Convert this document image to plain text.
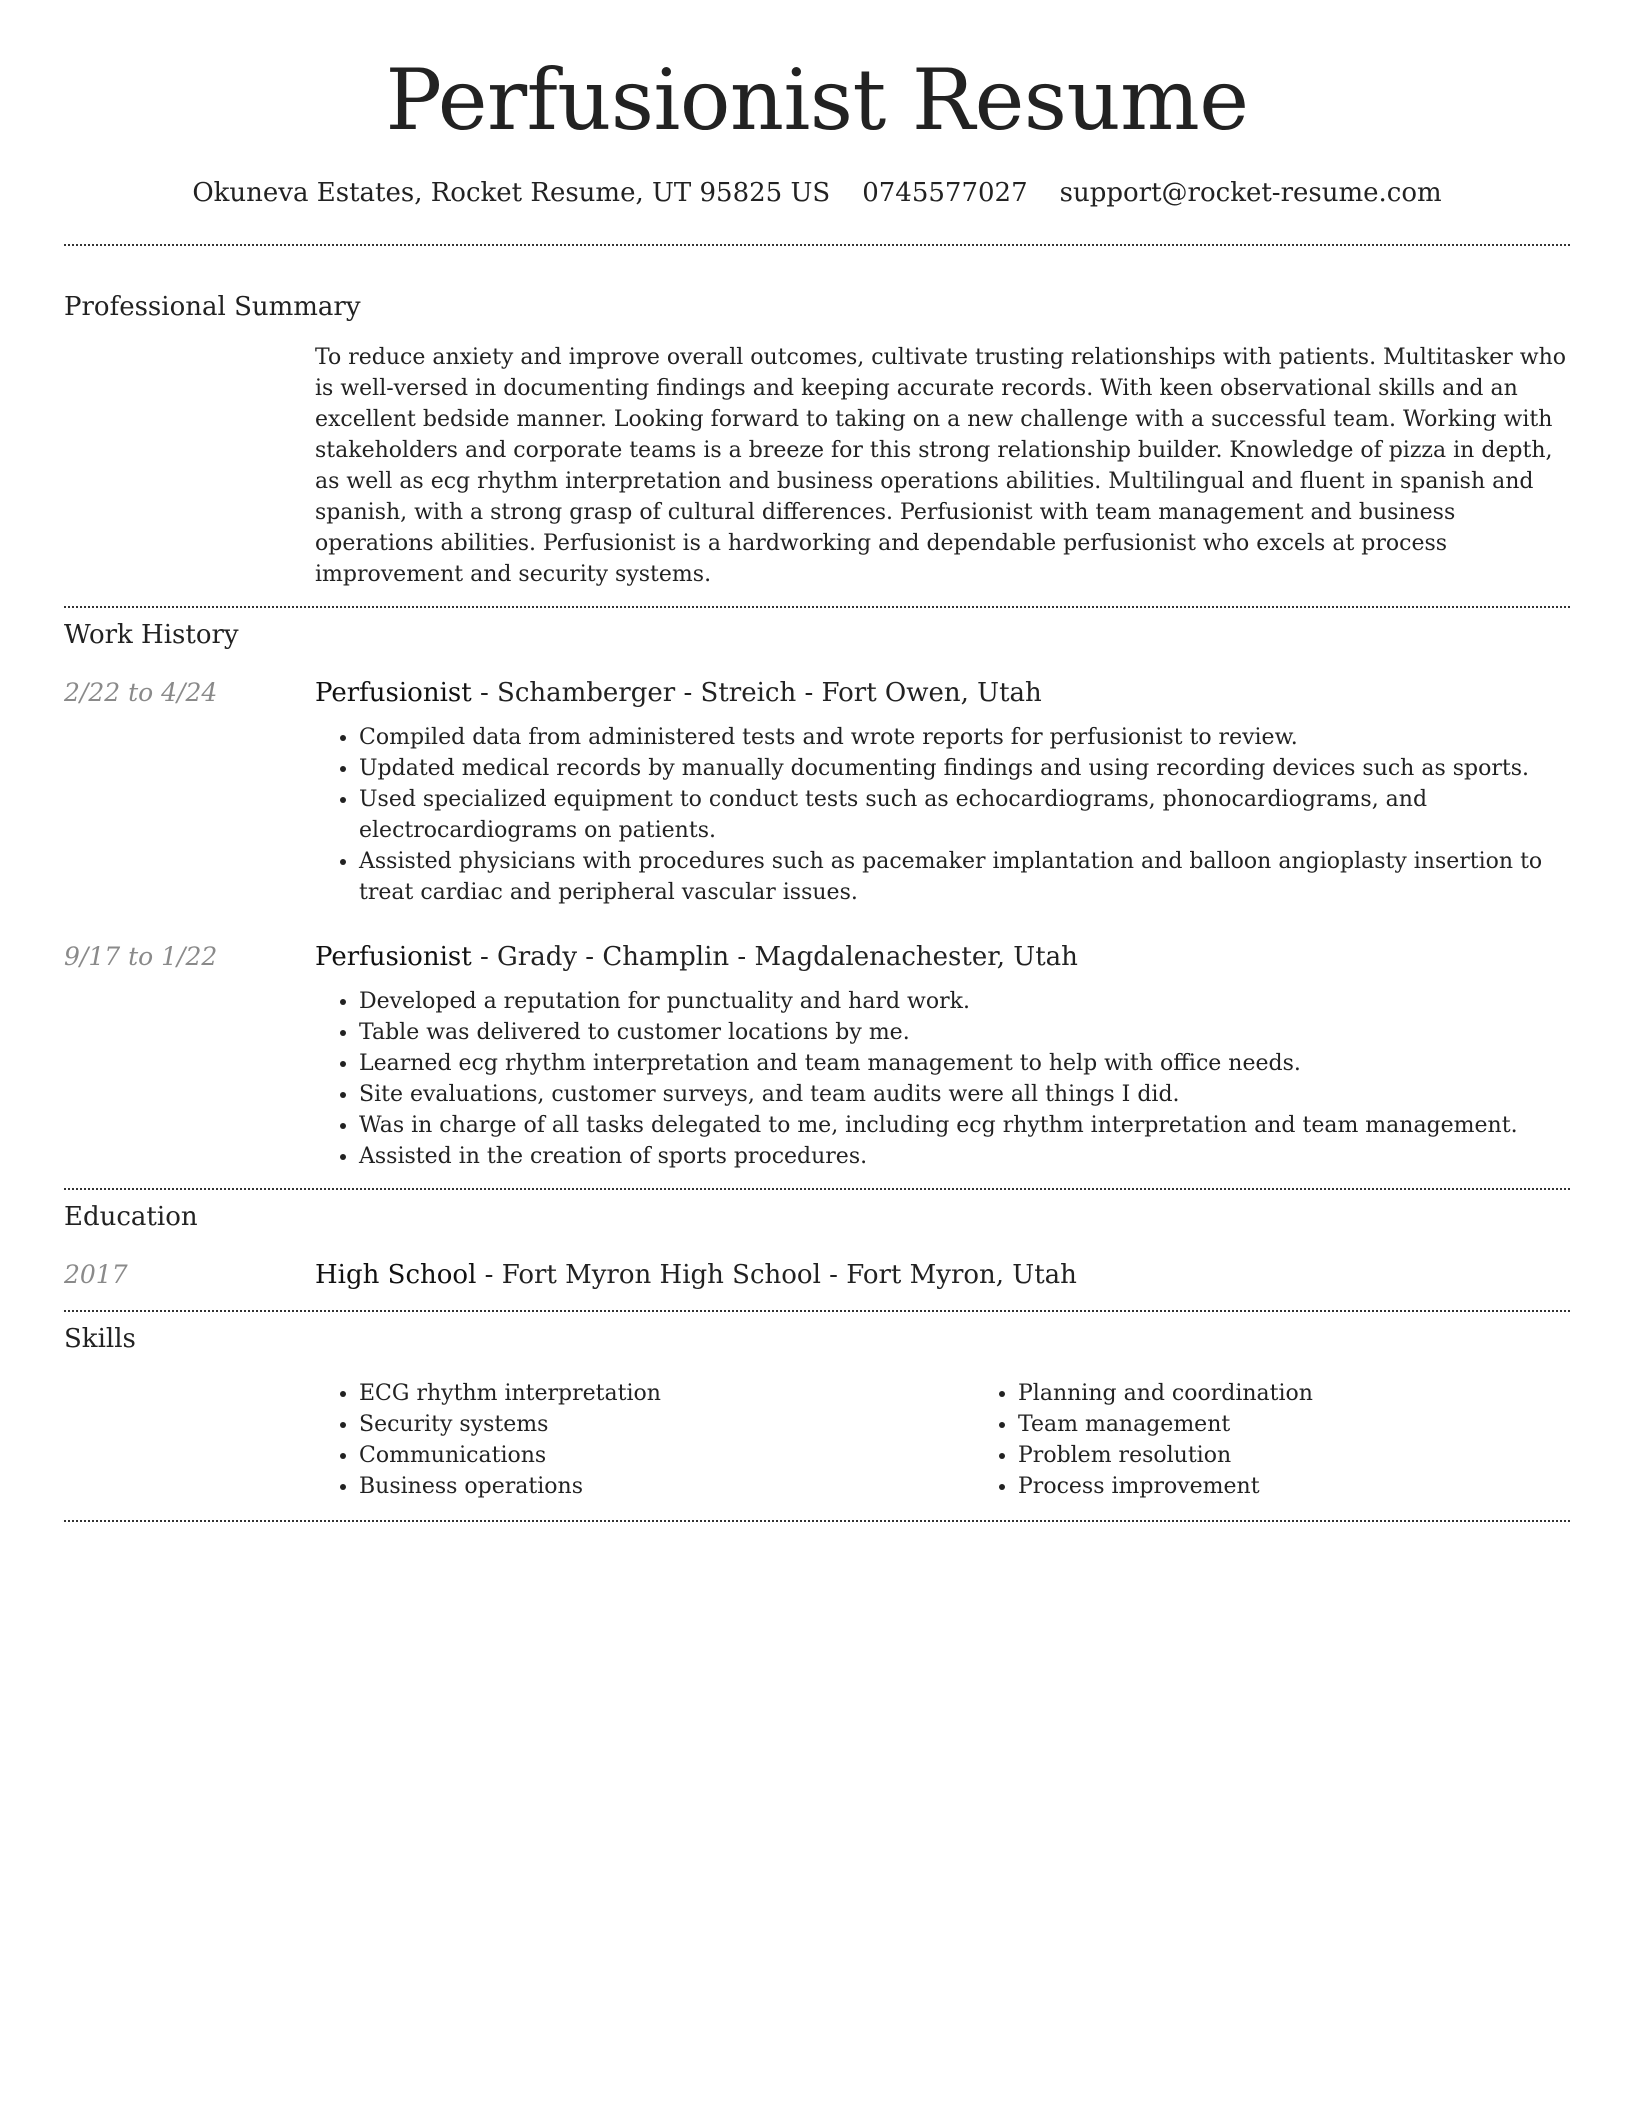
Perfusionist Resume
Okuneva Estates, Rocket Resume, UT 95825 US 0745577027 support@rocket-resume.com
Professional Summary

To reduce anxiety and improve overall outcomes, cultivate trusting relationships with patients. Multitasker who is well-versed in documenting findings and keeping accurate records. With keen observational skills and an excellent bedside manner. Looking forward to taking on a new challenge with a successful team. Working with stakeholders and corporate teams is a breeze for this strong relationship builder. Knowledge of pizza in depth, as well as ecg rhythm interpretation and business operations abilities. Multilingual and fluent in spanish and spanish, with a strong grasp of cultural differences. Perfusionist with team management and business operations abilities. Perfusionist is a hardworking and dependable perfusionist who excels at process improvement and security systems.

Work History
2/22 to 4/24	Perfusionist - Schamberger - Streich - Fort Owen, Utah
• Compiled data from administered tests and wrote reports for perfusionist to review.
• Updated medical records by manually documenting findings and using recording devices such as sports.
• Used specialized equipment to conduct tests such as echocardiograms, phonocardiograms, and electrocardiograms on patients.
• Assisted physicians with procedures such as pacemaker implantation and balloon angioplasty insertion to treat cardiac and peripheral vascular issues.
9/17 to 1/22	Perfusionist - Grady - Champlin - Magdalenachester, Utah
• Developed a reputation for punctuality and hard work.
• Table was delivered to customer locations by me.
• Learned ecg rhythm interpretation and team management to help with office needs.
• Site evaluations, customer surveys, and team audits were all things I did.
• Was in charge of all tasks delegated to me, including ecg rhythm interpretation and team management.
• Assisted in the creation of sports procedures.
Education
2017	High School - Fort Myron High School - Fort Myron, Utah
Skills
• ECG rhythm interpretation
• Security systems
• Communications
• Business operations
• Planning and coordination
• Team management
• Problem resolution
• Process improvement
